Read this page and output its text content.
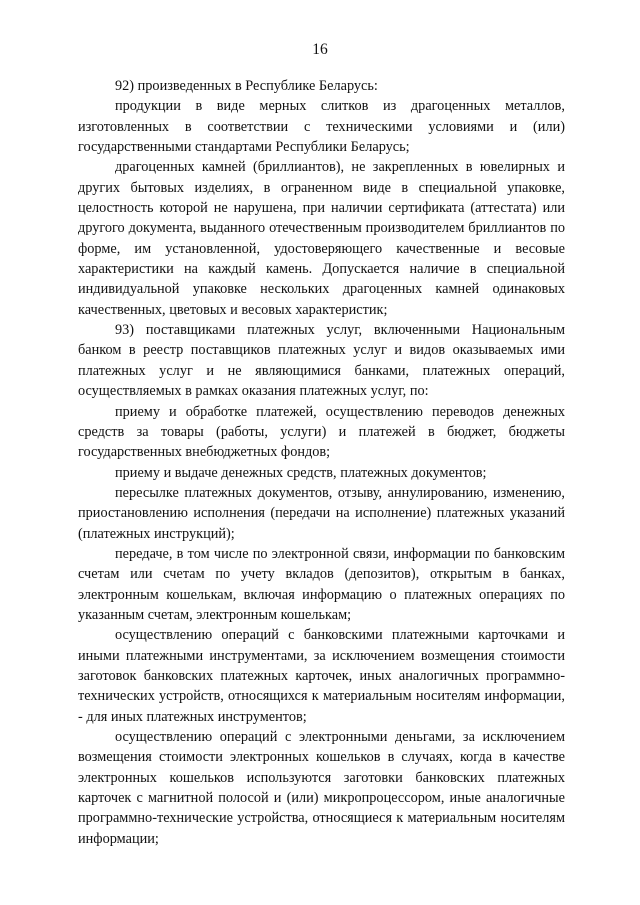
16

92) произведенных в Республике Беларусь:

продукции в виде мерных слитков из драгоценных металлов, изготовленных в соответствии с техническими условиями и (или) государственными стандартами Республики Беларусь;

драгоценных камней (бриллиантов), не закрепленных в ювелирных и других бытовых изделиях, в ограненном виде в специальной упаковке, целостность которой не нарушена, при наличии сертификата (аттестата) или другого документа, выданного отечественным производителем бриллиантов по форме, им установленной, удостоверяющего качественные и весовые характеристики на каждый камень. Допускается наличие в специальной индивидуальной упаковке нескольких драгоценных камней одинаковых качественных, цветовых и весовых характеристик;

93) поставщиками платежных услуг, включенными Национальным банком в реестр поставщиков платежных услуг и видов оказываемых ими платежных услуг и не являющимися банками, платежных операций, осуществляемых в рамках оказания платежных услуг, по:

приему и обработке платежей, осуществлению переводов денежных средств за товары (работы, услуги) и платежей в бюджет, бюджеты государственных внебюджетных фондов;

приему и выдаче денежных средств, платежных документов;

пересылке платежных документов, отзыву, аннулированию, изменению, приостановлению исполнения (передачи на исполнение) платежных указаний (платежных инструкций);

передаче, в том числе по электронной связи, информации по банковским счетам или счетам по учету вкладов (депозитов), открытым в банках, электронным кошелькам, включая информацию о платежных операциях по указанным счетам, электронным кошелькам;

осуществлению операций с банковскими платежными карточками и иными платежными инструментами, за исключением возмещения стоимости заготовок банковских платежных карточек, иных аналогичных программно-технических устройств, относящихся к материальным носителям информации, - для иных платежных инструментов;

осуществлению операций с электронными деньгами, за исключением возмещения стоимости электронных кошельков в случаях, когда в качестве электронных кошельков используются заготовки банковских платежных карточек с магнитной полосой и (или) микропроцессором, иные аналогичные программно-технические устройства, относящиеся к материальным носителям информации;
